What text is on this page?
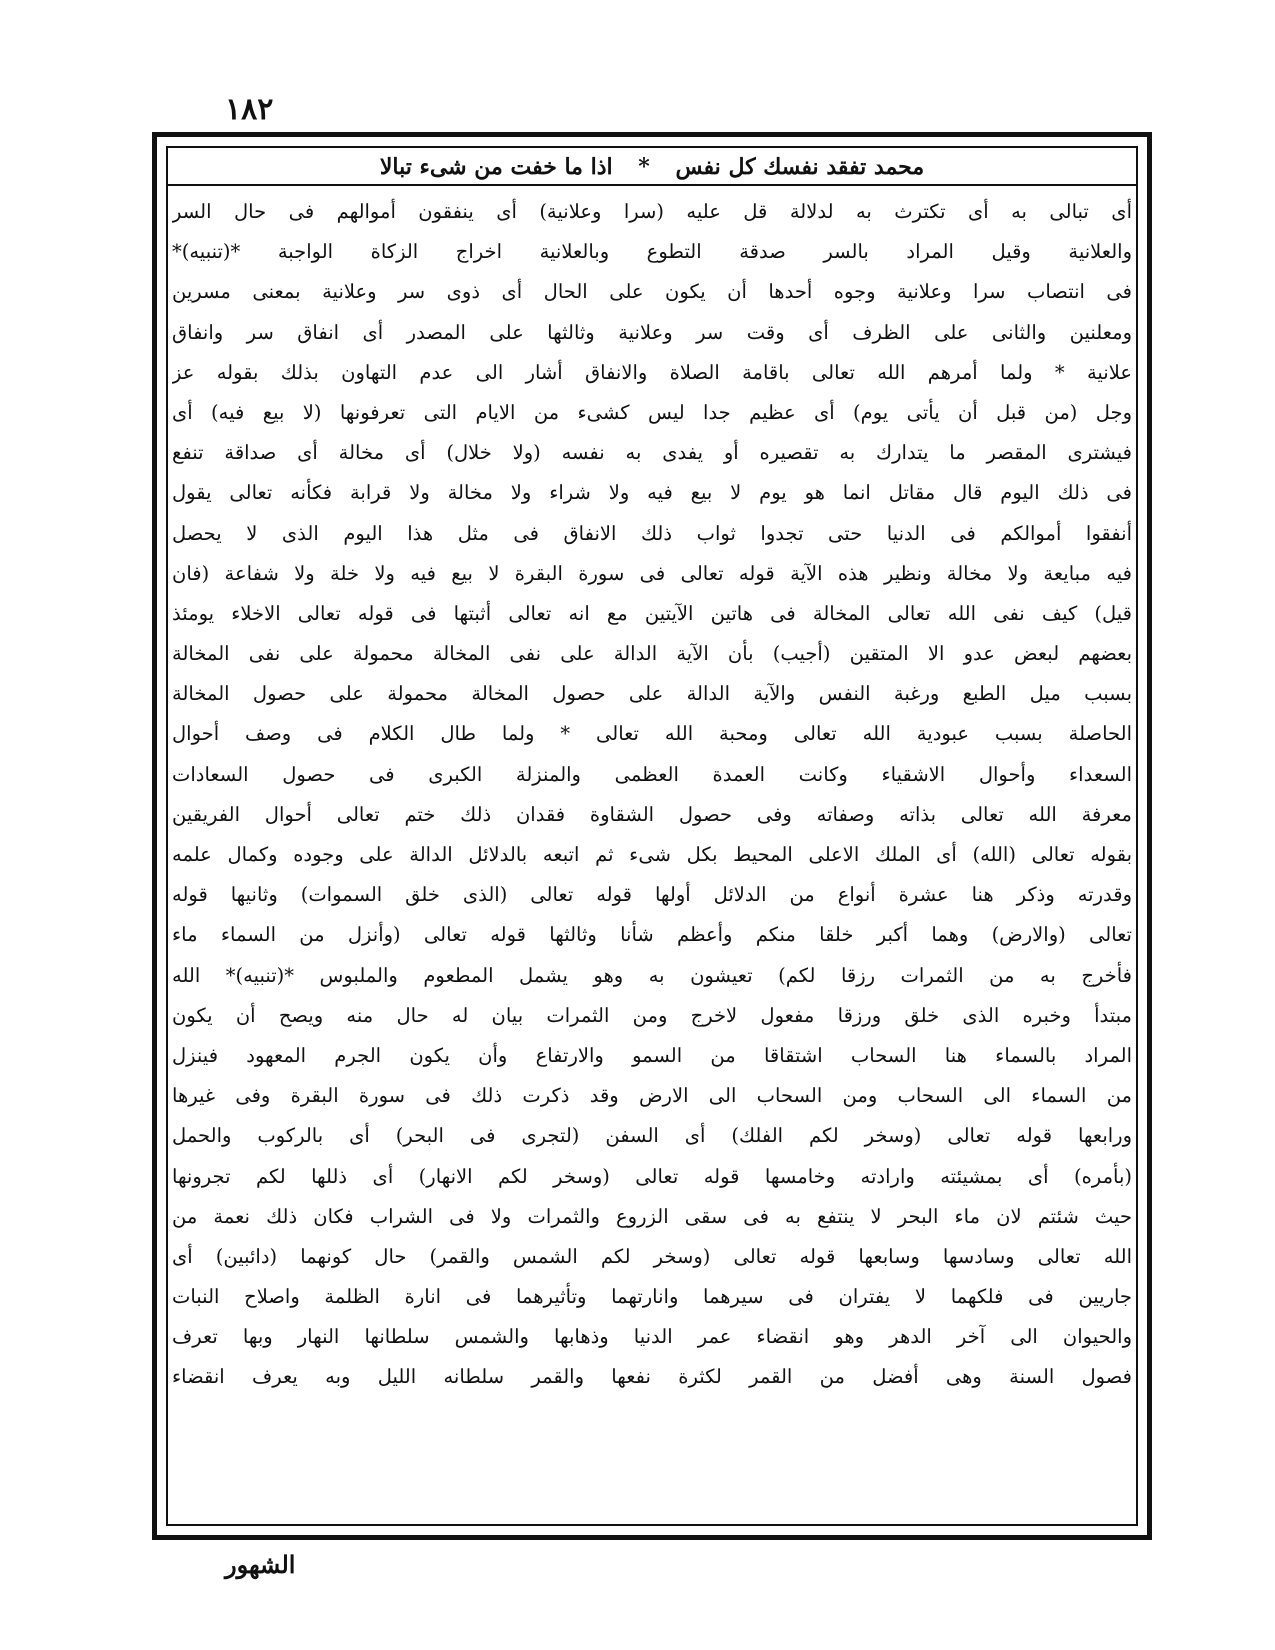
١٨٢
محمد تفقد نفسك كل نفس * اذا ما خفت من شىء تبالا
أى تبالى به أى تكترث به لدلالة قل عليه (سرا وعلانية) أى ينفقون أموالهم فى حال السر
والعلانية وقيل المراد بالسر صدقة التطوع وبالعلانية اخراج الزكاة الواجبة *(تنبيه)*
فى انتصاب سرا وعلانية وجوه أحدها أن يكون على الحال أى ذوى سر وعلانية بمعنى مسرين
ومعلنين والثانى على الظرف أى وقت سر وعلانية وثالثها على المصدر أى انفاق سر وانفاق
علانية * ولما أمرهم الله تعالى باقامة الصلاة والانفاق أشار الى عدم التهاون بذلك بقوله عز
وجل (من قبل أن يأتى يوم) أى عظيم جدا ليس كشىء من الايام التى تعرفونها (لا بيع فيه) أى
فيشترى المقصر ما يتدارك به تقصيره أو يفدى به نفسه (ولا خلال) أى مخالة أى صداقة تنفع
فى ذلك اليوم قال مقاتل انما هو يوم لا بيع فيه ولا شراء ولا مخالة ولا قرابة فكأنه تعالى يقول
أنفقوا أموالكم فى الدنيا حتى تجدوا ثواب ذلك الانفاق فى مثل هذا اليوم الذى لا يحصل
فيه مبايعة ولا مخالة ونظير هذه الآية قوله تعالى فى سورة البقرة لا بيع فيه ولا خلة ولا شفاعة (فان
قيل) كيف نفى الله تعالى المخالة فى هاتين الآيتين مع انه تعالى أثبتها فى قوله تعالى الاخلاء يومئذ
بعضهم لبعض عدو الا المتقين (أجيب) بأن الآية الدالة على نفى المخالة محمولة على نفى المخالة
بسبب ميل الطبع ورغبة النفس والآية الدالة على حصول المخالة محمولة على حصول المخالة
الحاصلة بسبب عبودية الله تعالى ومحبة الله تعالى * ولما طال الكلام فى وصف أحوال
السعداء وأحوال الاشقياء وكانت العمدة العظمى والمنزلة الكبرى فى حصول السعادات
معرفة الله تعالى بذاته وصفاته وفى حصول الشقاوة فقدان ذلك ختم تعالى أحوال الفريقين
بقوله تعالى (الله) أى الملك الاعلى المحيط بكل شىء ثم اتبعه بالدلائل الدالة على وجوده وكمال علمه
وقدرته وذكر هنا عشرة أنواع من الدلائل أولها قوله تعالى (الذى خلق السموات) وثانيها قوله
تعالى (والارض) وهما أكبر خلقا منكم وأعظم شأنا وثالثها قوله تعالى (وأنزل من السماء ماء
فأخرج به من الثمرات رزقا لكم) تعيشون به وهو يشمل المطعوم والملبوس *(تنبيه)* الله
مبتدأ وخبره الذى خلق ورزقا مفعول لاخرج ومن الثمرات بيان له حال منه ويصح أن يكون
المراد بالسماء هنا السحاب اشتقاقا من السمو والارتفاع وأن يكون الجرم المعهود فينزل
من السماء الى السحاب ومن السحاب الى الارض وقد ذكرت ذلك فى سورة البقرة وفى غيرها
ورابعها قوله تعالى (وسخر لكم الفلك) أى السفن (لتجرى فى البحر) أى بالركوب والحمل
(بأمره) أى بمشيئته وارادته وخامسها قوله تعالى (وسخر لكم الانهار) أى ذللها لكم تجرونها
حيث شئتم لان ماء البحر لا ينتفع به فى سقى الزروع والثمرات ولا فى الشراب فكان ذلك نعمة من
الله تعالى وسادسها وسابعها قوله تعالى (وسخر لكم الشمس والقمر) حال كونهما (دائبين) أى
جاريين فى فلكهما لا يفتران فى سيرهما وانارتهما وتأثيرهما فى انارة الظلمة واصلاح النبات
والحيوان الى آخر الدهر وهو انقضاء عمر الدنيا وذهابها والشمس سلطانها النهار وبها تعرف
فصول السنة وهى أفضل من القمر لكثرة نفعها والقمر سلطانه الليل وبه يعرف انقضاء
الشهور
